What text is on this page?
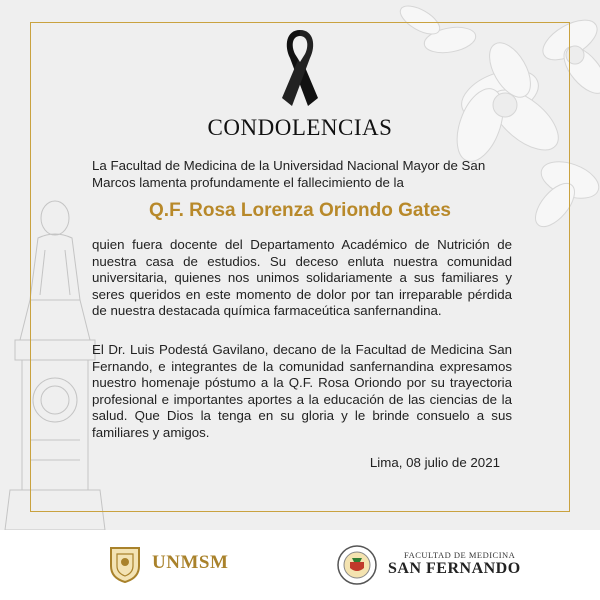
CONDOLENCIAS
La Facultad de Medicina de la Universidad Nacional Mayor de San Marcos lamenta profundamente el fallecimiento de la
Q.F. Rosa Lorenza Oriondo Gates
quien fuera docente del Departamento Académico de Nutrición de nuestra casa de estudios. Su deceso enluta nuestra comunidad universitaria, quienes nos unimos solidariamente a sus familiares y seres queridos en este momento de dolor por tan irreparable pérdida de nuestra destacada química farmaceútica sanfernandina.
El Dr. Luis Podestá Gavilano, decano de la Facultad de Medicina San Fernando, e integrantes de la comunidad sanfernandina expresamos nuestro homenaje póstumo a la Q.F. Rosa Oriondo por su trayectoria profesional e importantes aportes a la educación de las ciencias de la salud. Que Dios la tenga en su gloria y le brinde consuelo a sus familiares y amigos.
Lima, 08 julio de 2021
UNMSM	FACULTAD DE MEDICINA
SAN FERNANDO
